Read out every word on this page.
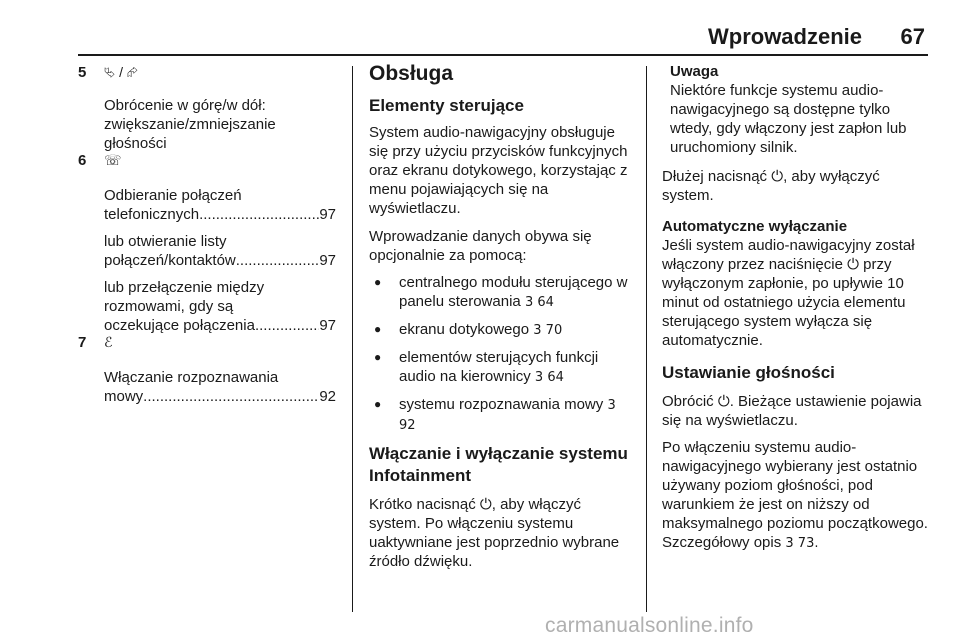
Wprowadzenie 67
5 ⮱ / ⮳

Obrócenie w górę/w dół: zwiększanie/zmniejszanie głośności

6 ☏
Odbieranie połączeń
telefonicznych .....	97
lub otwieranie listy
połączeń/kontaktów .....	97
lub przełączenie między
rozmowami, gdy są
oczekujące połączenia .....	97
7 ℰ
Włączanie rozpoznawania
mowy .....	92
Obsługa
Elementy sterujące

System audio-nawigacyjny obsługuje się przy użyciu przycisków funkcyjnych oraz ekranu dotykowego, korzystając z menu pojawiających się na wyświetlaczu.

Wprowadzanie danych obywa się opcjonalnie za pomocą:

● centralnego modułu sterującego w panelu sterowania 3 64
● ekranu dotykowego 3 70
● elementów sterujących funkcji audio na kierownicy 3 64
● systemu rozpoznawania mowy 3 92
Włączanie i wyłączanie systemu Infotainment

Krótko nacisnąć ⏻, aby włączyć system. Po włączeniu systemu uaktywniane jest poprzednio wybrane źródło dźwięku.

Uwaga

Niektóre funkcje systemu audio-nawigacyjnego są dostępne tylko wtedy, gdy włączony jest zapłon lub uruchomiony silnik.

Dłużej nacisnąć ⏻, aby wyłączyć system.

Automatyczne wyłączanie

Jeśli system audio-nawigacyjny został włączony przez naciśnięcie ⏻ przy wyłączonym zapłonie, po upływie 10 minut od ostatniego użycia elementu sterującego system wyłącza się automatycznie.

Ustawianie głośności

Obrócić ⏻. Bieżące ustawienie pojawia się na wyświetlaczu.

Po włączeniu systemu audio-nawigacyjnego wybierany jest ostatnio używany poziom głośności, pod warunkiem że jest on niższy od maksymalnego poziomu początkowego. Szczegółowy opis 3 73.

carmanualsonline.info
